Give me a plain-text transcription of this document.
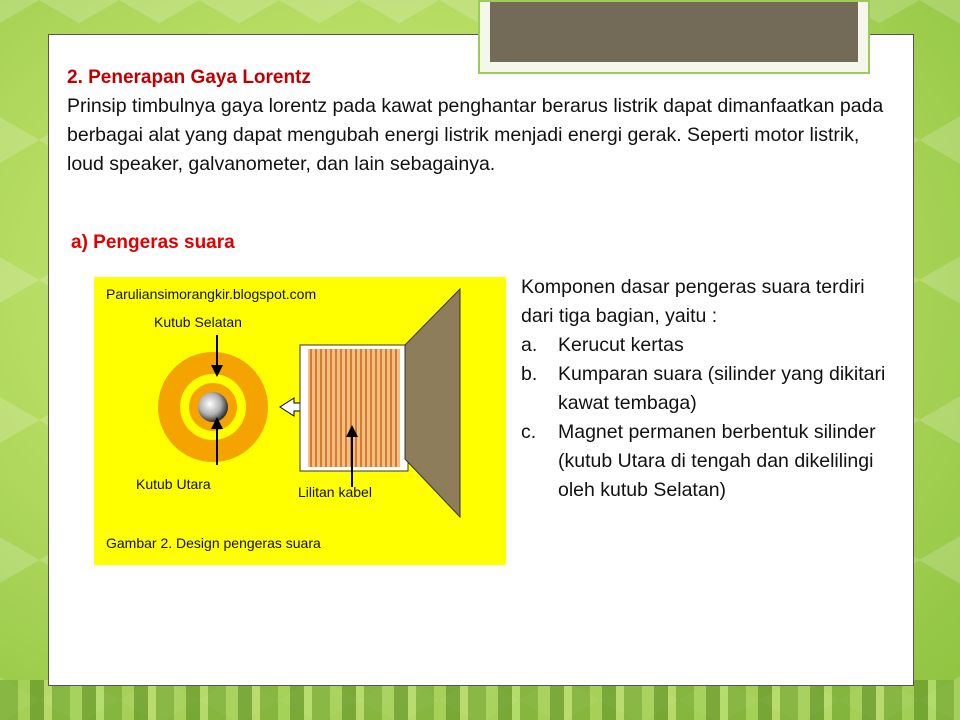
2. Penerapan Gaya Lorentz
Prinsip timbulnya gaya lorentz pada kawat penghantar berarus listrik dapat dimanfaatkan pada berbagai alat yang dapat mengubah energi listrik menjadi energi gerak. Seperti motor listrik, loud speaker, galvanometer, dan lain sebagainya.
a) Pengeras suara
Paruliansimorangkir.blogspot.com
Kutub Selatan
Kutub Utara	Lilitan kabel
Gambar 2. Design pengeras suara
Komponen dasar pengeras suara terdiri dari tiga bagian, yaitu :
a.	Kerucut kertas
b.	Kumparan suara (silinder yang dikitari kawat tembaga)
c.	Magnet permanen berbentuk silinder (kutub Utara di tengah dan dikelilingi oleh kutub Selatan)
